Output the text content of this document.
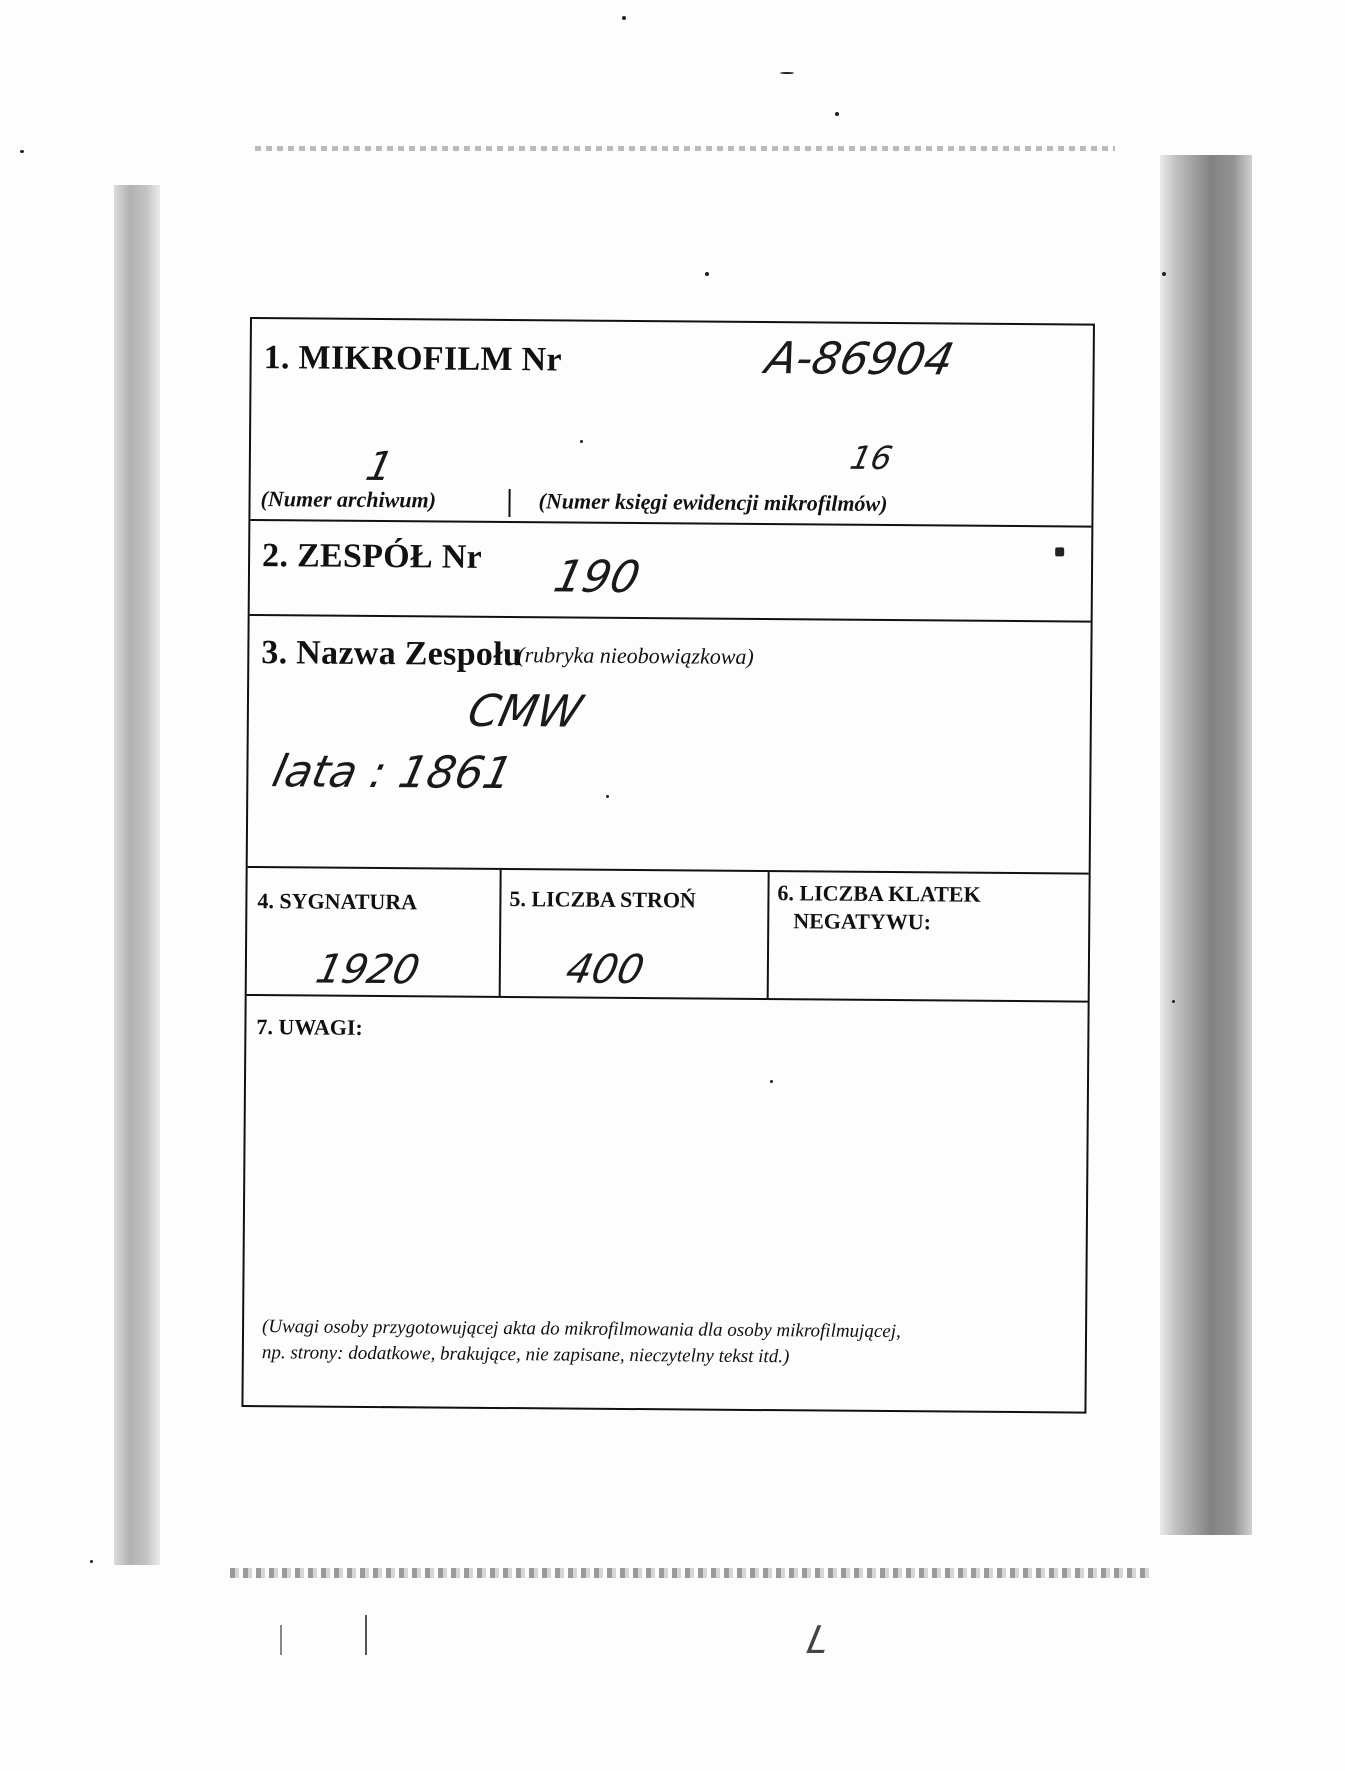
L
1. MIKROFILM Nr	A-86904
1	16
(Numer archiwum)	(Numer księgi ewidencji mikrofilmów)
2. ZESPÓŁ Nr 190
3. Nazwa Zespołu
(rubryka nieobowiązkowa)
CMW
lata : 1861
4. SYGNATURA
1920
5. LICZBA STROŃ
400
6. LICZBA KLATEK
NEGATYWU:
7. UWAGI:
(Uwagi osoby przygotowującej akta do mikrofilmowania dla osoby mikrofilmującej,
np. strony: dodatkowe, brakujące, nie zapisane, nieczytelny tekst itd.)
